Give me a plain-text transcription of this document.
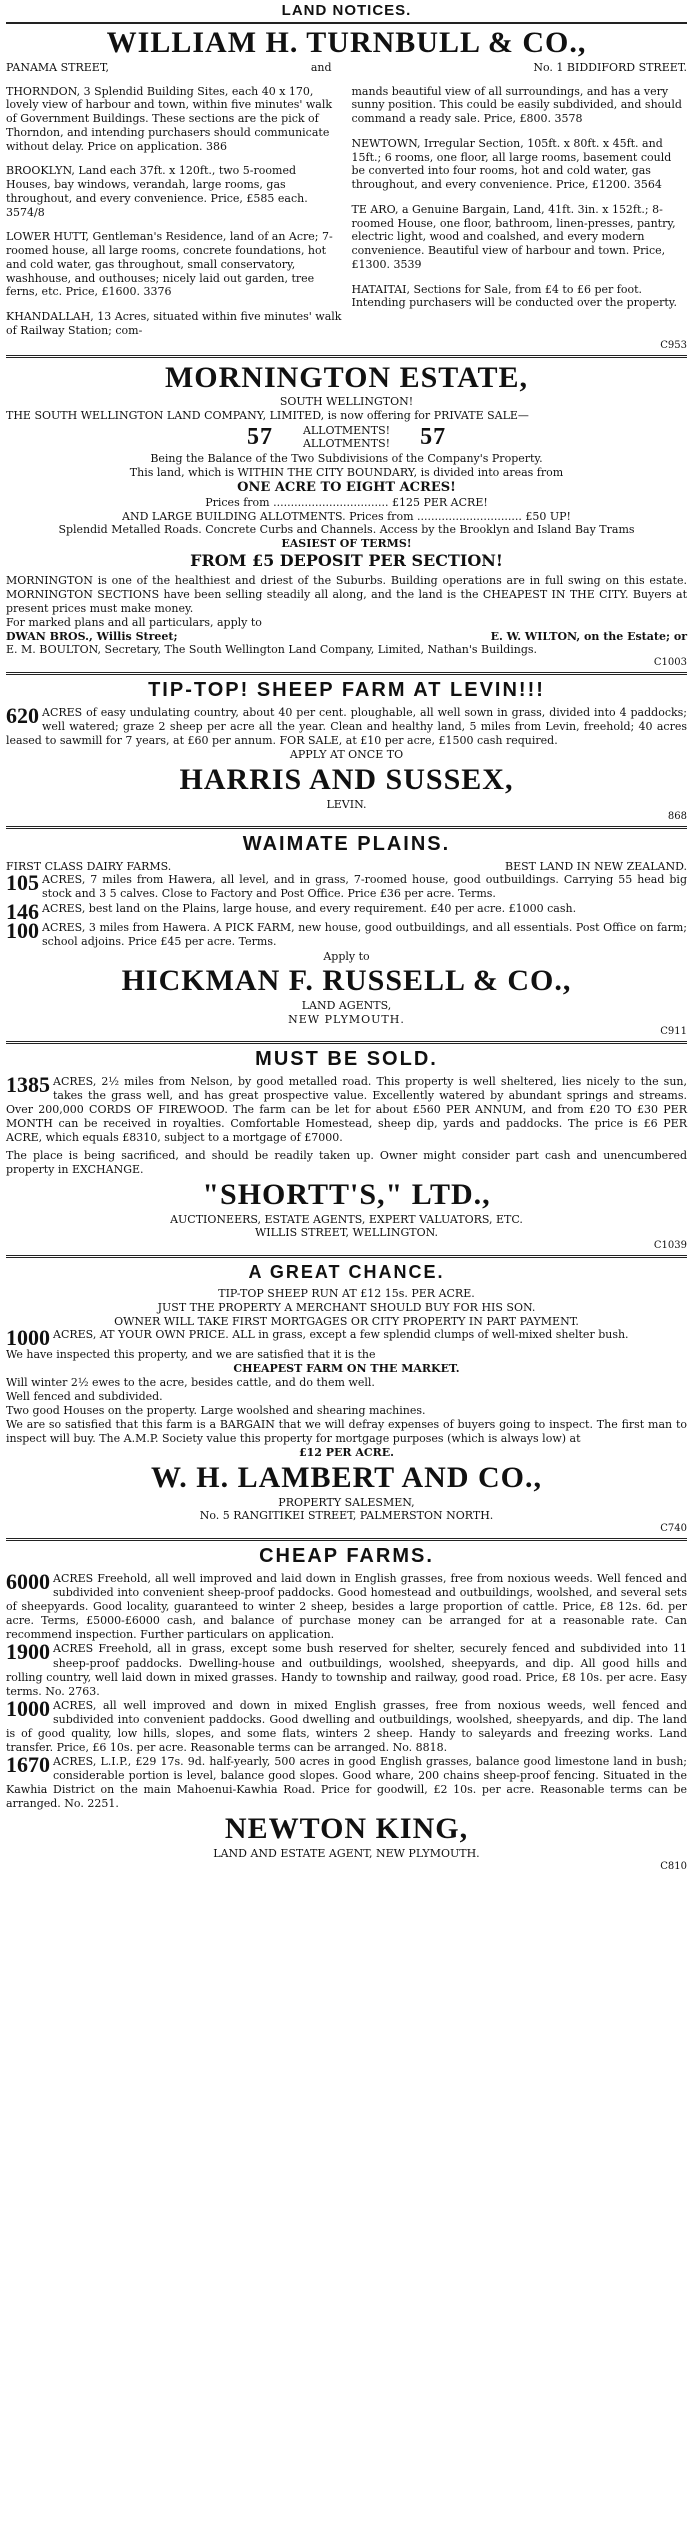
LAND NOTICES.
WILLIAM H. TURNBULL & CO.,
PANAMA STREET,	and	No. 1 BIDDIFORD STREET.

THORNDON, 3 Splendid Building Sites, each 40 x 170, lovely view of harbour and town, within five minutes' walk of Government Buildings. These sections are the pick of Thorndon, and intending purchasers should communicate without delay. Price on application. 386

BROOKLYN, Land each 37ft. x 120ft., two 5-roomed Houses, bay windows, verandah, large rooms, gas throughout, and every convenience. Price, £585 each. 3574/8

LOWER HUTT, Gentleman's Residence, land of an Acre; 7-roomed house, all large rooms, concrete foundations, hot and cold water, gas throughout, small conservatory, washhouse, and outhouses; nicely laid out garden, tree ferns, etc. Price, £1600. 3376

KHANDALLAH, 13 Acres, situated within five minutes' walk of Railway Station; com-

mands beautiful view of all surroundings, and has a very sunny position. This could be easily subdivided, and should command a ready sale. Price, £800. 3578

NEWTOWN, Irregular Section, 105ft. x 80ft. x 45ft. and 15ft.; 6 rooms, one floor, all large rooms, basement could be converted into four rooms, hot and cold water, gas throughout, and every convenience. Price, £1200. 3564

TE ARO, a Genuine Bargain, Land, 41ft. 3in. x 152ft.; 8-roomed House, one floor, bathroom, linen-presses, pantry, electric light, wood and coalshed, and every modern convenience. Beautiful view of harbour and town. Price, £1300. 3539

HATAITAI, Sections for Sale, from £4 to £6 per foot. Intending purchasers will be conducted over the property.

C953
MORNINGTON ESTATE,
SOUTH WELLINGTON!

THE SOUTH WELLINGTON LAND COMPANY, LIMITED, is now offering for PRIVATE SALE—

57	ALLOTMENTS!
ALLOTMENTS! 57
Being the Balance of the Two Subdivisions of the Company's Property.
This land, which is WITHIN THE CITY BOUNDARY, is divided into areas from
ONE ACRE TO EIGHT ACRES!
Prices from ................................. £125 PER ACRE!
AND LARGE BUILDING ALLOTMENTS. Prices from .............................. £50 UP!
Splendid Metalled Roads. Concrete Curbs and Channels. Access by the Brooklyn and Island Bay Trams
EASIEST OF TERMS!
FROM £5 DEPOSIT PER SECTION!

MORNINGTON is one of the healthiest and driest of the Suburbs. Building operations are in full swing on this estate. MORNINGTON SECTIONS have been selling steadily all along, and the land is the CHEAPEST IN THE CITY. Buyers at present prices must make money.

For marked plans and all particulars, apply to

DWAN BROS., Willis Street;	E. W. WILTON, on the Estate; or

E. M. BOULTON, Secretary, The South Wellington Land Company, Limited, Nathan's Buildings.

C1003
TIP-TOP! SHEEP FARM AT LEVIN!!!
620 ACRES of easy undulating country, about 40 per cent. ploughable, all well sown in grass, divided into 4 paddocks; well watered; graze 2 sheep per acre all the year. Clean and healthy land, 5 miles from Levin, freehold; 40 acres leased to sawmill for 7 years, at £60 per annum. FOR SALE, at £10 per acre, £1500 cash required.

APPLY AT ONCE TO
HARRIS AND SUSSEX,
LEVIN.
868
WAIMATE PLAINS.
FIRST CLASS DAIRY FARMS.	BEST LAND IN NEW ZEALAND.
105 ACRES, 7 miles from Hawera, all level, and in grass, 7-roomed house, good outbuildings. Carrying 55 head big stock and 3 5 calves. Close to Factory and Post Office. Price £36 per acre. Terms.

146 ACRES, best land on the Plains, large house, and every requirement. £40 per acre. £1000 cash.

100 ACRES, 3 miles from Hawera. A PICK FARM, new house, good outbuildings, and all essentials. Post Office on farm; school adjoins. Price £45 per acre. Terms.

Apply to
HICKMAN F. RUSSELL & CO.,
LAND AGENTS,
NEW PLYMOUTH.
C911
MUST BE SOLD.
1385 ACRES, 2½ miles from Nelson, by good metalled road. This property is well sheltered, lies nicely to the sun, takes the grass well, and has great prospective value. Excellently watered by abundant springs and streams. Over 200,000 CORDS OF FIREWOOD. The farm can be let for about £560 PER ANNUM, and from £20 TO £30 PER MONTH can be received in royalties. Comfortable Homestead, sheep dip, yards and paddocks. The price is £6 PER ACRE, which equals £8310, subject to a mortgage of £7000.

The place is being sacrificed, and should be readily taken up. Owner might consider part cash and unencumbered property in EXCHANGE.

"SHORTT'S," LTD.,
AUCTIONEERS, ESTATE AGENTS, EXPERT VALUATORS, ETC.
WILLIS STREET, WELLINGTON.
C1039
A GREAT CHANCE.
TIP-TOP SHEEP RUN AT £12 15s. PER ACRE.
JUST THE PROPERTY A MERCHANT SHOULD BUY FOR HIS SON.
OWNER WILL TAKE FIRST MORTGAGES OR CITY PROPERTY IN PART PAYMENT.
1000 ACRES, AT YOUR OWN PRICE. ALL in grass, except a few splendid clumps of well-mixed shelter bush.

We have inspected this property, and we are satisfied that it is the

CHEAPEST FARM ON THE MARKET.

Will winter 2½ ewes to the acre, besides cattle, and do them well.

Well fenced and subdivided.

Two good Houses on the property. Large woolshed and shearing machines.

We are so satisfied that this farm is a BARGAIN that we will defray expenses of buyers going to inspect. The first man to inspect will buy. The A.M.P. Society value this property for mortgage purposes (which is always low) at

£12 PER ACRE.
W. H. LAMBERT AND CO.,
PROPERTY SALESMEN,
No. 5 RANGITIKEI STREET, PALMERSTON NORTH.
C740
CHEAP FARMS.
6000 ACRES Freehold, all well improved and laid down in English grasses, free from noxious weeds. Well fenced and subdivided into convenient sheep-proof paddocks. Good homestead and outbuildings, woolshed, and several sets of sheepyards. Good locality, guaranteed to winter 2 sheep, besides a large proportion of cattle. Price, £8 12s. 6d. per acre. Terms, £5000-£6000 cash, and balance of purchase money can be arranged for at a reasonable rate. Can recommend inspection. Further particulars on application.

1900 ACRES Freehold, all in grass, except some bush reserved for shelter, securely fenced and subdivided into 11 sheep-proof paddocks. Dwelling-house and outbuildings, woolshed, sheepyards, and dip. All good hills and rolling country, well laid down in mixed grasses. Handy to township and railway, good road. Price, £8 10s. per acre. Easy terms. No. 2763.

1000 ACRES, all well improved and down in mixed English grasses, free from noxious weeds, well fenced and subdivided into convenient paddocks. Good dwelling and outbuildings, woolshed, sheepyards, and dip. The land is of good quality, low hills, slopes, and some flats, winters 2 sheep. Handy to saleyards and freezing works. Land transfer. Price, £6 10s. per acre. Reasonable terms can be arranged. No. 8818.

1670 ACRES, L.I.P., £29 17s. 9d. half-yearly, 500 acres in good English grasses, balance good limestone land in bush; considerable portion is level, balance good slopes. Good whare, 200 chains sheep-proof fencing. Situated in the Kawhia District on the main Mahoenui-Kawhia Road. Price for goodwill, £2 10s. per acre. Reasonable terms can be arranged. No. 2251.

NEWTON KING,
LAND AND ESTATE AGENT, NEW PLYMOUTH.
C810
